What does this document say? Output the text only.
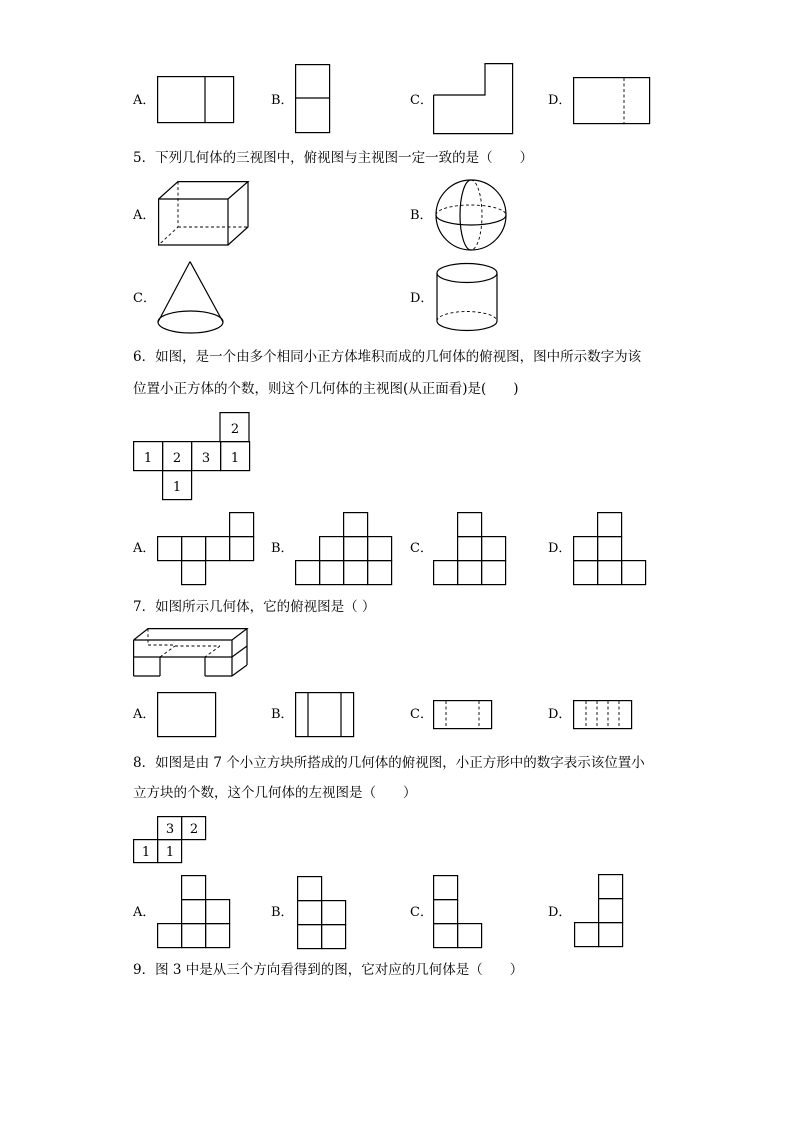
A．	B．	C．	D．
5．下列几何体的三视图中，俯视图与主视图一定一致的是（　　）
A．	B．
C．	D．
6．如图，是一个由多个相同小正方体堆积而成的几何体的俯视图，图中所示数字为该
位置小正方体的个数，则这个几何体的主视图(从正面看)是(　　)
2
1 2 3 1
1
A．	B．	C．	D．
7．如图所示几何体，它的俯视图是（ ）
A．	B．	C．	D．
8．如图是由 7 个小立方块所搭成的几何体的俯视图，小正方形中的数字表示该位置小
立方块的个数，这个几何体的左视图是（　　）
3 2
1 1
A．	B．	C．	D．
9．图 3 中是从三个方向看得到的图，它对应的几何体是（　　）
